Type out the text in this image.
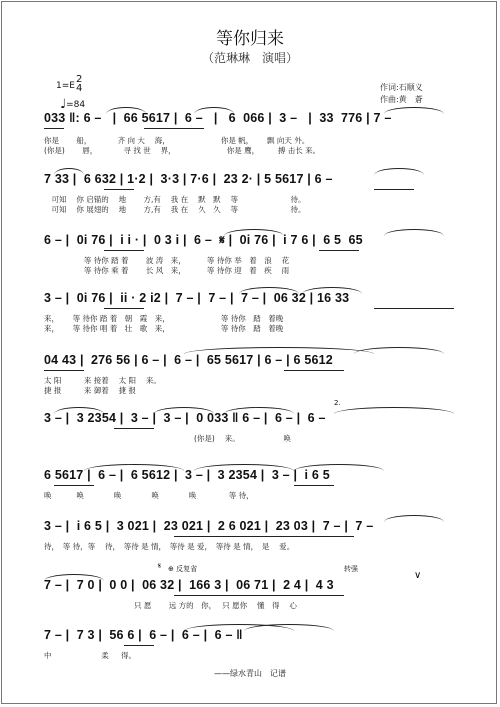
等你归来
（范琳琳　演唱）
作词:石顺义
作曲:黄　蒼
1=E
2
4
♩=84
033 ‖: 6 –   |  66 5617 |  6 –   |   6  066 |  3 –   |  33  776 | 7 –
你是 　　船，　　　　齐 向 大　 海，　　　　　　　 你是 帆，　　 飘 向天 外。
(你是)　　 唇，　　　　寻 找 世　 界，　　　　　　　 你是 鹰，　　　搏 击长 来。
7 33 |  6 632 | 1·2 |  3·3 | 7·6 |  23 2· | 5 5617 | 6 –
　可知　 你 启锚的　 地　　 方,有　 我 在　 默　默　 等　　　　　　　待。
　可知　 你 展翅的　 地　　 方,有　 我 在　 久　久　 等　　　　　　　待。
6 – |  0i 76 |  i i · |  0 3 i |  6 –  𝄋 |  0i 76 |  i 7 6 |  6 5  65
　　　　　 等 待你 踏 着　　 波 涛　来，　　　 等 待你 举　着　浪　 花
　　　　　 等 待你 乘 着　　 长 风　来，　　　 等 待你 迎　着　疾　 雨
3 – |  0i 76 |  ii · 2 i2 |  7 – |  7 – |  7 – |  06 32 | 16 33
来，　　 等 待你 踏 着　朝　霞　来，　　　　　　　 等 待你　踏　着晚
来，　　 等 待你 唱 着　壮　歌　来，　　　　　　　 等 待你　踏　着晚
04 43 |  276 56 | 6 – |  6 – |  65 5617 | 6 – | 6 5612
太 阳　　　来 接着　 太 阳 　来。
捷 报　　　来 御着　 捷 报
2.
3 – |  3 2354 |  3 – |  3 – |  0 033 ‖ 6 – |  6 – |  6 –
　　　　　　　　　　　　　　　　　　　　(你是)　 来。　　　　　　 唤
6 5617 |  6 – |  6 5612 |  3 – |  3 2354 |  3 – |  i 6 5
唤　　　 唤　　　　唤　　　　唤　　　　唤　　　　 等 待，
3 – |  i 6 5 |  3 021 |  23 021 |  2 6 021 |  23 03 |  7 – |  7 –
待，　等 待，等　 待，　等待 是 情，　等待 是 爱，　等待 是 情，　是　 爱。
𝄋 ⊕ 反复省	转强
∨
7 – |  7 0 |  0 0 |  06 32 |  166 3 |  06 71 |  2 4 |  4 3
　　　　　　　　　　　　只 愿　　 远 方的　你，　 只 愿你　 懂　得　 心
7 – |  7 3 |  56 6 |  6 – |  6 – |  6 – ‖
中　　　　　 　 柔 　 得。
——绿水青山　记谱
